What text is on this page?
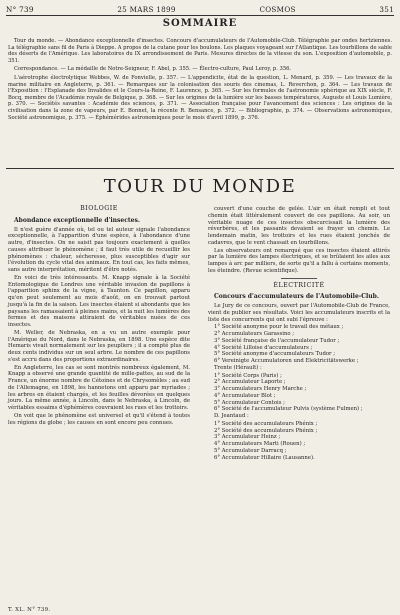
N° 739	25 MARS 1899	COSMOS	351
SOMMAIRE

Tour du monde. — Abondance exceptionnelle d'insectes. Concours d'accumulateurs de l'Automobile-Club. Télégraphie par ondes hertziennes. La télégraphie sans fil de Paris à Dieppe. A propos de la cutane pour les boulons. Les plaques voyageant sur l'Atlantique. Les tourbillons de sable des déserts de l'Amérique. Les laboratoires du IX arrondissement de Paris. Mesures directes de la vitesse du son. L'exposition d'automobile, p. 351.

Correspondance. — La médaille de Notre-Seigneur, F. Abel, p. 355. — Électro-culture, Paul Leroy, p. 356.

L'aérotrophe électrolytique Webbes, W. de Fonvielle, p. 357. — L'appendicite, état de la question, L. Menard, p. 359. — Les travaux de la marine militaire en Angleterre, p. 361. — Remarques sur la colonisation des souris des cinemas, L. Reverchon, p. 364. — Les travaux de l'Exposition : l'Esplanade des Invalides et le Cours-la-Reine, F. Laurence, p. 365. — Sur les formules de l'astronomie sphérique au XIX siècle, F. Bocq, membre de l'Académie royale de Belgique, p. 368. — Sur les origines de la lumière sur les basses températures, Auguste et Louis Lumière, p. 370. — Sociétés savantes : Académie des sciences, p. 371. — Association française pour l'avancement des sciences : Les origines de la civilisation dans la zone de vapeurs, par E. Bonnet, la récente R. Bensance, p. 372. — Bibliographie, p. 374. — Observations astronomiques, Société astronomique, p. 375. — Éphémérides astronomiques pour le mois d'avril 1899, p. 376.

TOUR DU MONDE
BIOLOGIE
Abondance exceptionnelle d'insectes.

Il n'est guère d'année où, tel ou tel auteur signale l'abondance exceptionnelle, à l'apparition d'une espèce, à l'abondance d'une autre, d'insectes. On ne saisit pas toujours exactement à quelles causes attribuer le phénomène ; il faut très utile de recueillir les phénomènes : chaleur, sécheresse, plus susceptibles d'agir sur l'évolution du cycle vital des animaux. En tout cas, les faits mêmes, sans autre interprétation, méritent d'être notés.

En voici de très intéressants. M. Knapp signale à la Société Entomologique de Londres une véritable invasion de papillons à l'apparition sphinx de la vigne, à Taunton. Ce papillon, apparu qu'on peut seulement au mois d'août, on en trouvait partout jusqu'à la fin de la saison. Les insectes étaient si abondants que les paysans les ramassaient à pleines mains, et la nuit les lumières des fermes et des maisons attiraient de véritables nuées de ces insectes.

M. Weller, de Nebraska, en a vu un autre exemple pour l'Amérique du Nord, dans le Nebraska, en 1898. Une espèce dite Hemaris vivait normalement sur les peupliers ; il a compté plus de deux cents individus sur un seul arbre. Le nombre de ces papillons s'est accru dans des proportions extraordinaires.

En Angleterre, les cas se sont montrés nombreux également, M. Knapp a observé une grande quantité de mille-pattes, au sud de la France, un énorme nombre de Cétoines et de Chrysomèles ; au sud de l'Allemagne, en 1898, les hannetons ont apparu par myriades ; les arbres en étaient chargés, et les feuilles dévorées en quelques jours. La même année, à Lincoln, dans le Nebraska, à Lincoln, de véritables essaims d'éphémères couvraient les rues et les trottoirs.

On voit que le phénomène est universel et qu'il s'étend à toutes les régions du globe ; les causes en sont encore peu connues.

couvert d'une couche de gelée. L'air en était rempli et tout chemin était littéralement couvert de ces papillons. Au soir, un véritable nuage de ces insectes obscurcissait la lumière des réverbères, et les passants devaient se frayer un chemin. Le lendemain matin, les trottoirs et les rues étaient jonchés de cadavres, que le vent chassait en tourbillons.

Les observateurs ont remarqué que ces insectes étaient attirés par la lumière des lampes électriques, et se brûlaient les ailes aux lampes à arc par milliers, de sorte qu'il a fallu à certains moments, les éteindre. (Revue scientifique).

ÉLECTRICITÉ
Concours d'accumulateurs de l'Automobile-Club.

Le Jury de ce concours, ouvert par l'Automobile-Club de France, vient de publier ses résultats. Voici les accumulateurs inscrits et la liste des concurrents qui ont subi l'épreuve :

1° Société anonyme pour le travail des métaux ;
2° Accumulateurs Garassino ;
3° Société française de l'accumulateur Tudor ;
4° Société Lilloise d'accumulateurs ;
5° Société anonyme d'accumulateurs Tudor ;
6° Vereinigte Accumulatoren und Elektricitätswerke ;

Trente (Hérault) :

1° Société Corps (Paris) ;
2° Accumulateur Laporte ;
3° Accumulateurs Henry Marche ;
4° Accumulateur Blot ;
5° Accumulateur Contois ;
6° Société de l'accumulateur Pulvis (système Fulmen) ;

D. Jeantaud :

1° Société des accumulateurs Phénix ;
2° Société des accumulateurs Phénix ;
3° Accumulateur Heinz ;
4° Accumulateurs Marti (Rouen) ;
5° Accumulateur Darracq ;
6° Accumulateur Hillaire (Lausanne).
T. XL. N° 739.
